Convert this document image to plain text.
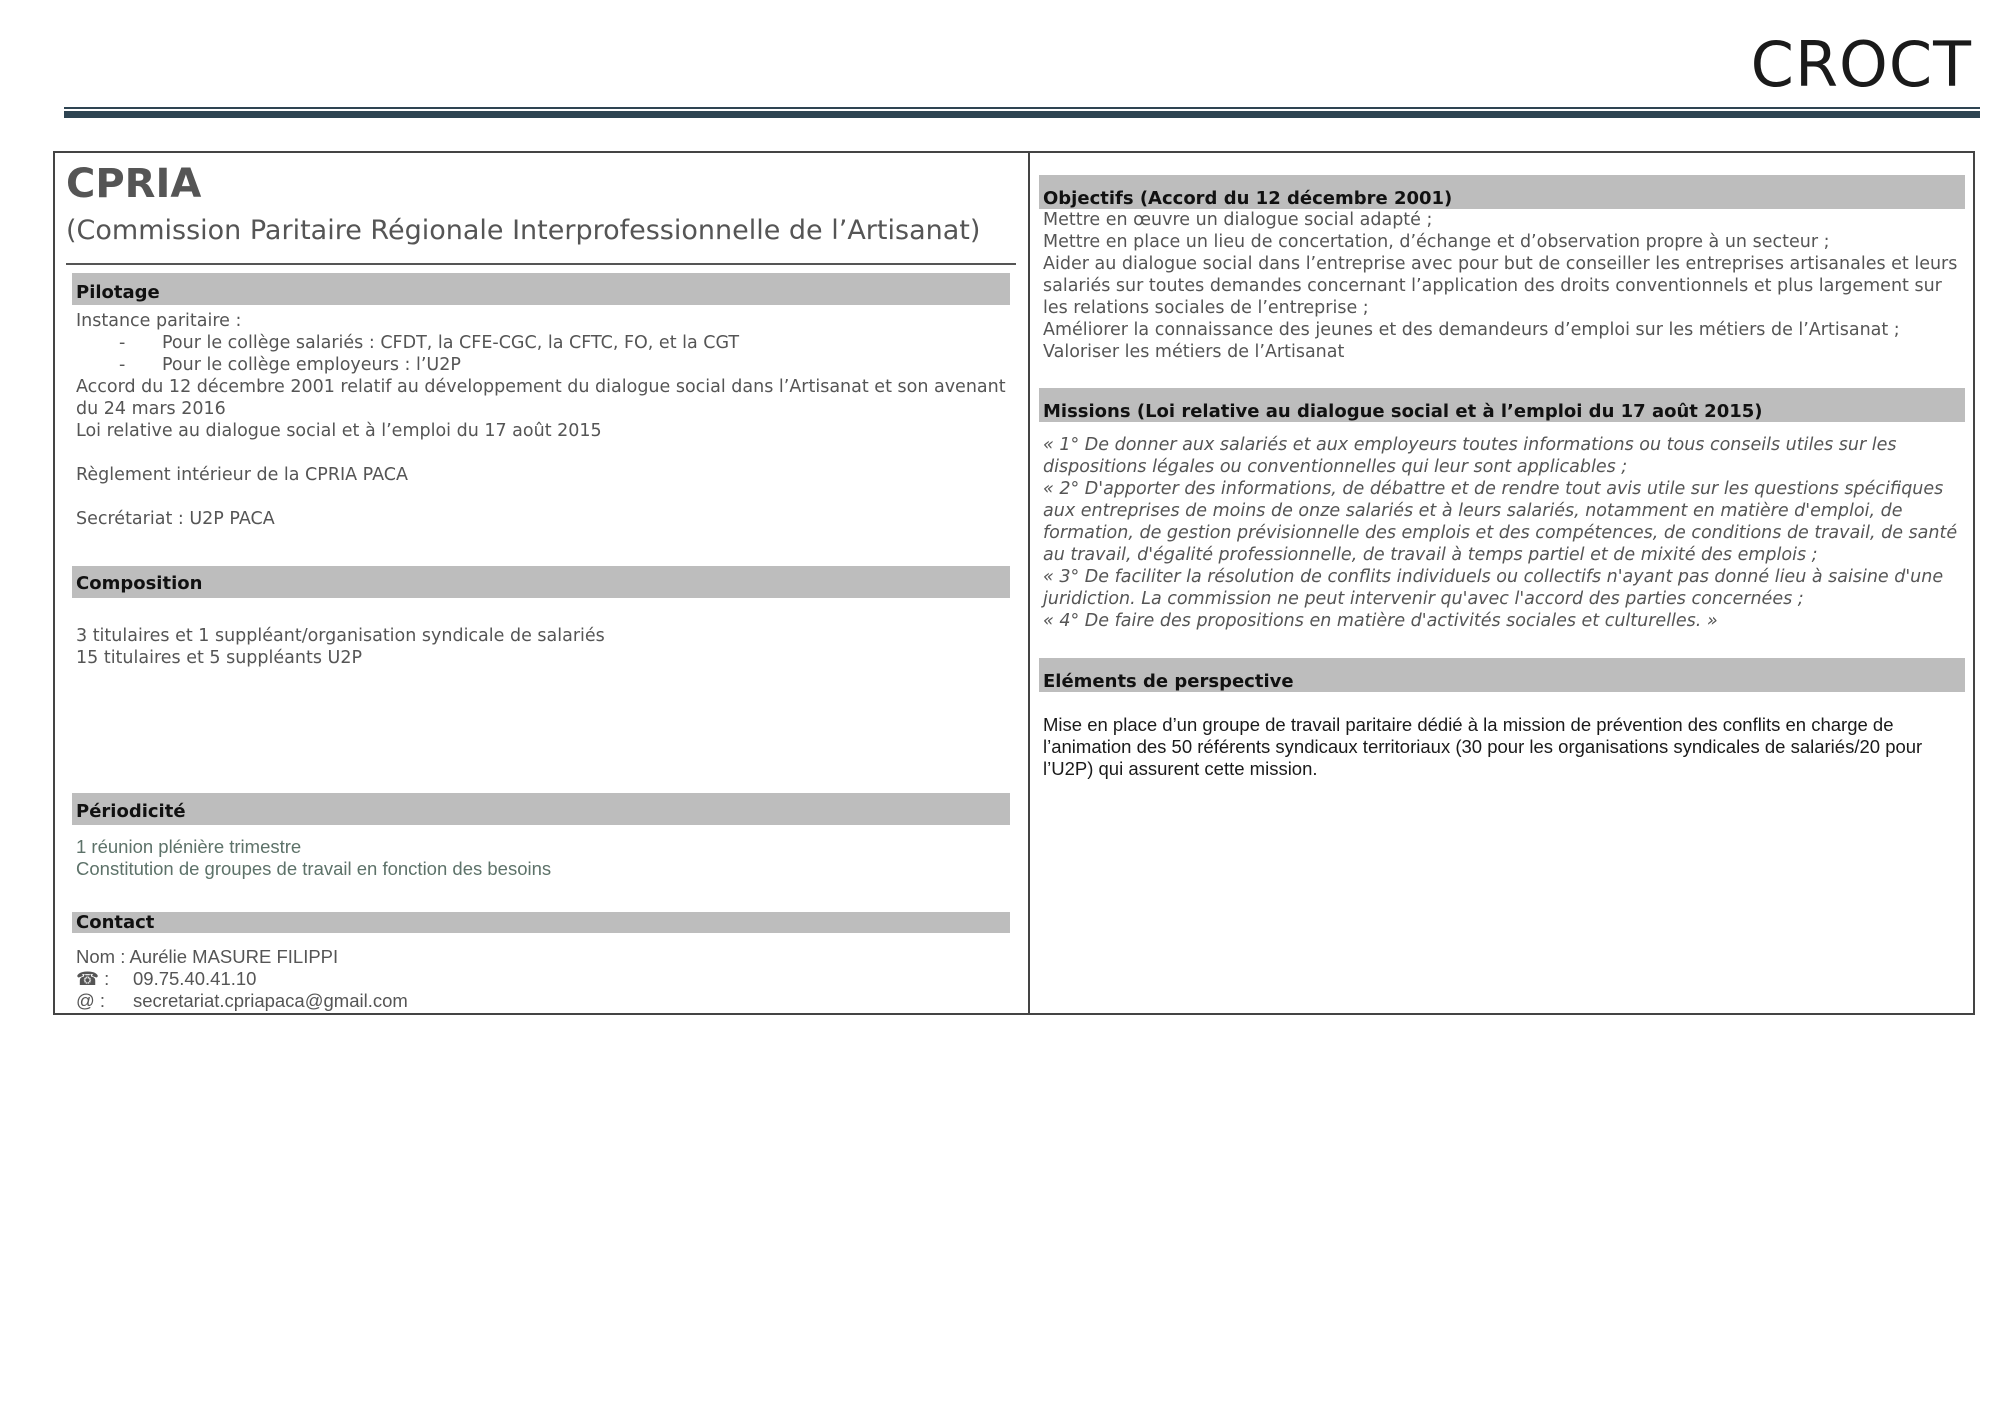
CROCT
CPRIA
(Commission Paritaire Régionale Interprofessionnelle de l’Artisanat)
Pilotage

Instance paritaire :

- Pour le collège salariés : CFDT, la CFE-CGC, la CFTC, FO, et la CGT

- Pour le collège employeurs : l’U2P

Accord du 12 décembre 2001 relatif au développement du dialogue social dans l’Artisanat et son avenant du 24 mars 2016

Loi relative au dialogue social et à l’emploi du 17 août 2015

Règlement intérieur de la CPRIA PACA

Secrétariat : U2P PACA

Composition

3 titulaires et 1 suppléant/organisation syndicale de salariés

15 titulaires et 5 suppléants U2P

Périodicité

1 réunion plénière trimestre

Constitution de groupes de travail en fonction des besoins

Contact

Nom : Aurélie MASURE FILIPPI

☎ : 09.75.40.41.10

@ : secretariat.cpriapaca@gmail.com

Objectifs (Accord du 12 décembre 2001)

Mettre en œuvre un dialogue social adapté ;

Mettre en place un lieu de concertation, d’échange et d’observation propre à un secteur ;

Aider au dialogue social dans l’entreprise avec pour but de conseiller les entreprises artisanales et leurs salariés sur toutes demandes concernant l’application des droits conventionnels et plus largement sur les relations sociales de l’entreprise ;

Améliorer la connaissance des jeunes et des demandeurs d’emploi sur les métiers de l’Artisanat ;

Valoriser les métiers de l’Artisanat

Missions (Loi relative au dialogue social et à l’emploi du 17 août 2015)

« 1° De donner aux salariés et aux employeurs toutes informations ou tous conseils utiles sur les dispositions légales ou conventionnelles qui leur sont applicables ;

« 2° D'apporter des informations, de débattre et de rendre tout avis utile sur les questions spécifiques aux entreprises de moins de onze salariés et à leurs salariés, notamment en matière d'emploi, de formation, de gestion prévisionnelle des emplois et des compétences, de conditions de travail, de santé au travail, d'égalité professionnelle, de travail à temps partiel et de mixité des emplois ;

« 3° De faciliter la résolution de conflits individuels ou collectifs n'ayant pas donné lieu à saisine d'une juridiction. La commission ne peut intervenir qu'avec l'accord des parties concernées ;

« 4° De faire des propositions en matière d'activités sociales et culturelles. »

Eléments de perspective

Mise en place d’un groupe de travail paritaire dédié à la mission de prévention des conflits en charge de l’animation des 50 référents syndicaux territoriaux (30 pour les organisations syndicales de salariés/20 pour l’U2P) qui assurent cette mission.
